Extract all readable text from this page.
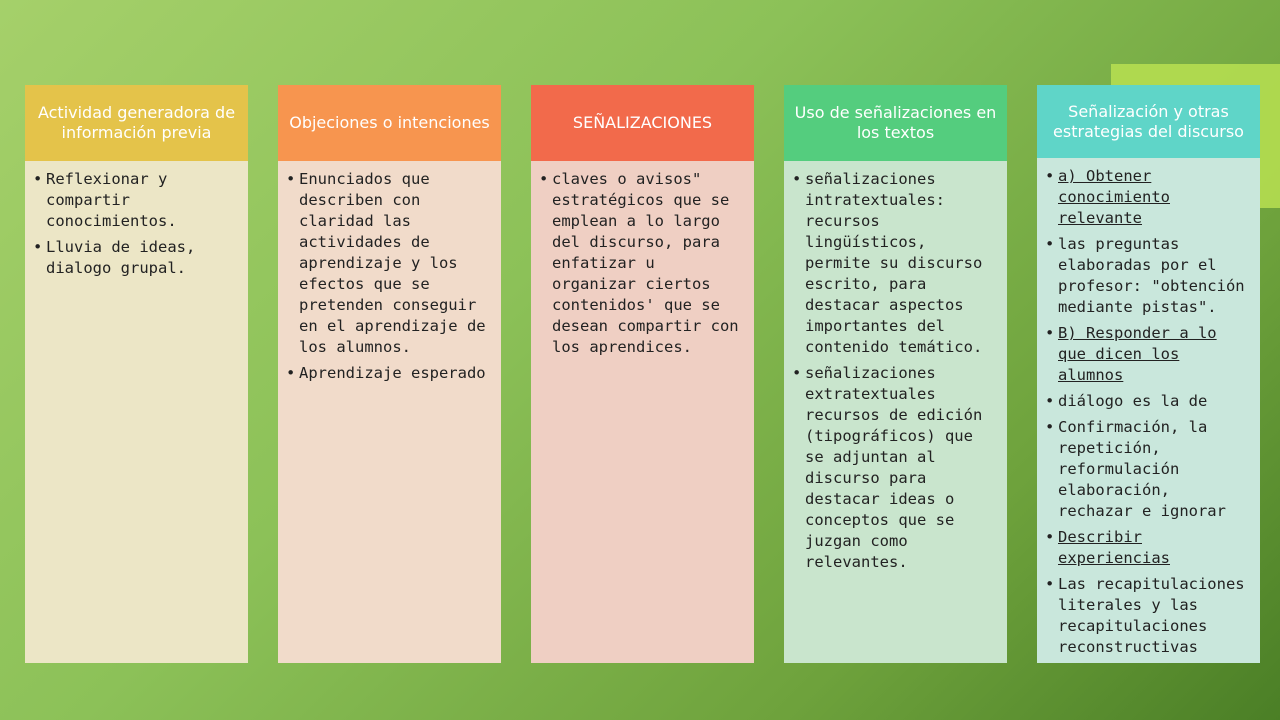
Actividad generadora de información previa
• Reflexionar y compartir conocimientos.
• Lluvia de ideas, dialogo grupal.
Objeciones o intenciones
• Enunciados que describen con claridad las actividades de aprendizaje y los efectos que se pretenden conseguir en el aprendizaje de los alumnos.
• Aprendizaje esperado
SEÑALIZACIONES
• claves o avisos" estratégicos que se emplean a lo largo del discurso, para enfatizar u organizar ciertos contenidos' que se desean compartir con los aprendices.
Uso de señalizaciones en los textos
• señalizaciones intratextuales: recursos lingüísticos, permite su discurso escrito, para destacar aspectos importantes del contenido temático.
• señalizaciones extratextuales recursos de edición (tipográficos) que se adjuntan al discurso para destacar ideas o conceptos que se juzgan como relevantes.
Señalización y otras estrategias del discurso
• a) Obtener conocimiento relevante
• las preguntas elaboradas por el profesor: "obtención mediante pistas".
• B) Responder a lo que dicen los alumnos
• diálogo es la de
• Confirmación, la repetición, reformulación elaboración, rechazar e ignorar
• Describir experiencias
• Las recapitulaciones literales y las recapitulaciones reconstructivas
